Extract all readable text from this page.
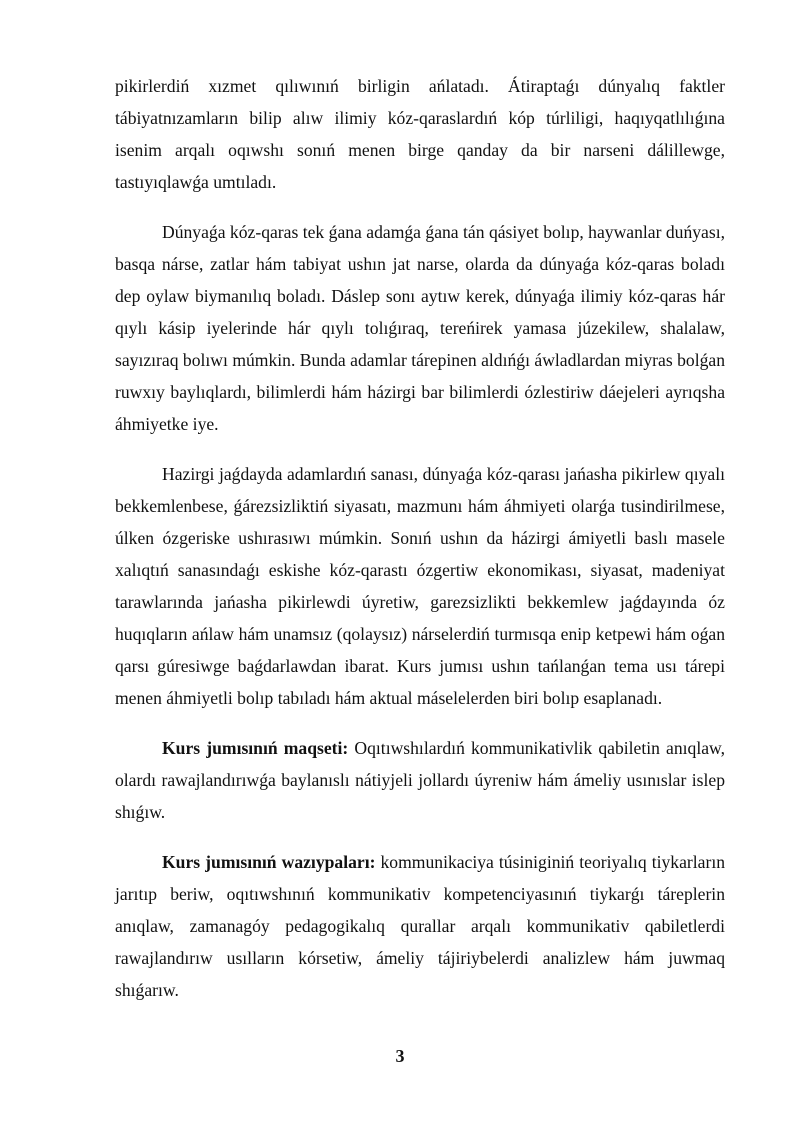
pikirlerdiń xızmet qılıwınıń birligin ańlatadı. Átiraptaǵı dúnyalıq faktler tábiyatnızamların bilip alıw ilimiy kóz-qaraslardıń kóp túrliligi, haqıyqatlılıǵına isenim arqalı oqıwshı sonıń menen birge qanday da bir narseni dálillewge, tastıyıqlawǵa umtıladı.

Dúnyaǵa kóz-qaras tek ǵana adamǵa ǵana tán qásiyet bolıp, haywanlar duńyası, basqa nárse, zatlar hám tabiyat ushın jat narse, olarda da dúnyaǵa kóz-qaras boladı dep oylaw biymanılıq boladı. Dáslep sonı aytıw kerek, dúnyaǵa ilimiy kóz-qaras hár qıylı kásip iyelerinde hár qıylı tolıǵıraq, tereńirek yamasa júzekilew, shalalaw, sayızıraq bolıwı múmkin. Bunda adamlar tárepinen aldıńǵı áwladlardan miyras bolǵan ruwxıy baylıqlardı, bilimlerdi hám házirgi bar bilimlerdi ózlestiriw dáejeleri ayrıqsha áhmiyetke iye.

Hazirgi jaǵdayda adamlardıń sanası, dúnyaǵa kóz-qarası jańasha pikirlew qıyalı bekkemlenbese, ǵárezsizliktiń siyasatı, mazmunı hám áhmiyeti olarǵa tusindirilmese, úlken ózgeriske ushırasıwı múmkin. Sonıń ushın da házirgi ámiyetli baslı masele xalıqtıń sanasındaǵı eskishe kóz-qarastı ózgertiw ekonomikası, siyasat, madeniyat tarawlarında jańasha pikirlewdi úyretiw, garezsizlikti bekkemlew jaǵdayında óz huqıqların ańlaw hám unamsız (qolaysız) nárselerdiń turmısqa enip ketpewi hám oǵan qarsı gúresiwge baǵdarlawdan ibarat. Kurs jumısı ushın tańlanǵan tema usı tárepi menen áhmiyetli bolıp tabıladı hám aktual máselelerden biri bolıp esaplanadı.

Kurs jumısınıń maqseti: Oqıtıwshılardıń kommunikativlik qabiletin anıqlaw, olardı rawajlandırıwǵa baylanıslı nátiyjeli jollardı úyreniw hám ámeliy usınıslar islep shıǵıw.

Kurs jumısınıń wazıypaları: kommunikaciya túsiniginiń teoriyalıq tiykarların jarıtıp beriw, oqıtıwshınıń kommunikativ kompetenciyasınıń tiykarǵı táreplerin anıqlaw, zamanagóy pedagogikalıq qurallar arqalı kommunikativ qabiletlerdi rawajlandırıw usılların kórsetiw, ámeliy tájiriybelerdi analizlew hám juwmaq shıǵarıw.

3
